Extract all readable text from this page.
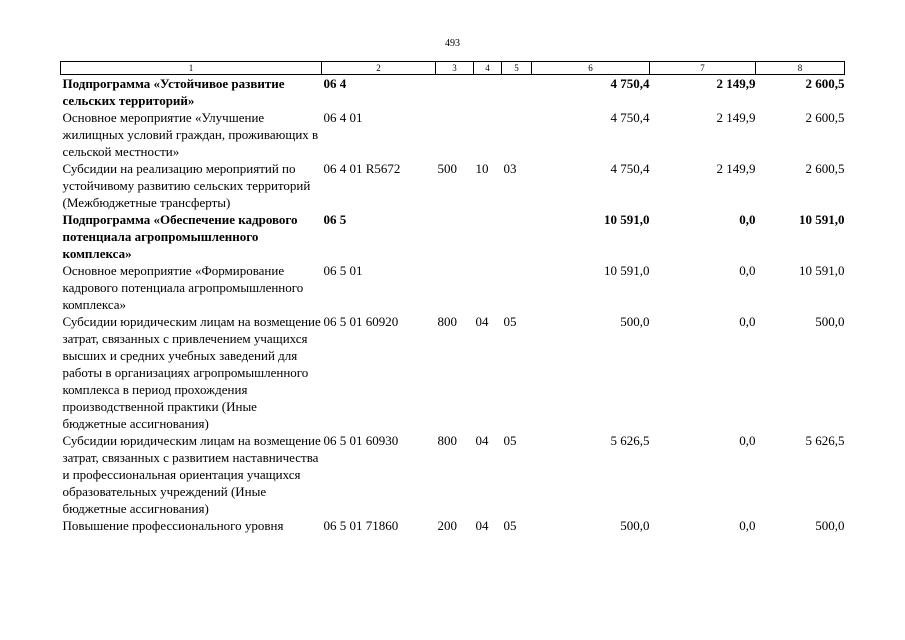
493
1	2	3	4	5	6	7	8
Подпрограмма «Устойчивое развитие сельских территорий»	06 4				4 750,4	2 149,9	2 600,5
Основное мероприятие «Улучшение жилищных условий граждан, проживающих в сельской местности»	06 4 01				4 750,4	2 149,9	2 600,5
Субсидии на реализацию мероприятий по устойчивому развитию сельских территорий (Межбюджетные трансферты)	06 4 01 R5672	500	10	03	4 750,4	2 149,9	2 600,5
Подпрограмма «Обеспечение кадрового потенциала агропромышленного комплекса»	06 5				10 591,0	0,0	10 591,0
Основное мероприятие «Формирование кадрового потенциала агропромышленного комплекса»	06 5 01				10 591,0	0,0	10 591,0
Субсидии юридическим лицам на возмещение затрат, связанных с привлечением учащихся высших и средних учебных заведений для работы в организациях агропромышленного комплекса в период прохождения производственной практики (Иные бюджетные ассигнования)	06 5 01 60920	800	04	05	500,0	0,0	500,0
Субсидии юридическим лицам на возмещение затрат, связанных с развитием наставничества и профессиональная ориентация учащихся образовательных учреждений (Иные бюджетные ассигнования)	06 5 01 60930	800	04	05	5 626,5	0,0	5 626,5
Повышение профессионального уровня	06 5 01 71860	200	04	05	500,0	0,0	500,0
